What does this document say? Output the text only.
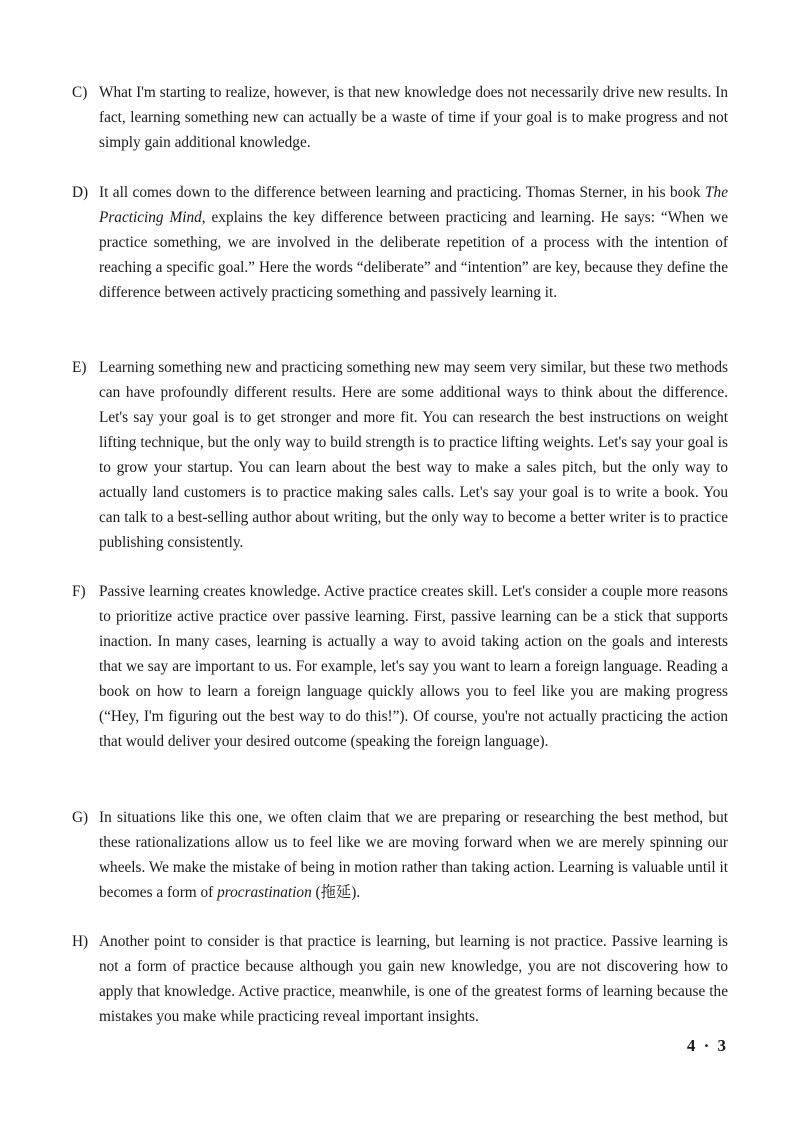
C) What I'm starting to realize, however, is that new knowledge does not necessarily drive new results. In fact, learning something new can actually be a waste of time if your goal is to make progress and not simply gain additional knowledge.
D) It all comes down to the difference between learning and practicing. Thomas Sterner, in his book The Practicing Mind, explains the key difference between practicing and learning. He says: “When we practice something, we are involved in the deliberate repetition of a process with the intention of reaching a specific goal.” Here the words “deliberate” and “intention” are key, because they define the difference between actively practicing something and passively learning it.
E) Learning something new and practicing something new may seem very similar, but these two methods can have profoundly different results. Here are some additional ways to think about the difference. Let's say your goal is to get stronger and more fit. You can research the best instructions on weight lifting technique, but the only way to build strength is to practice lifting weights. Let's say your goal is to grow your startup. You can learn about the best way to make a sales pitch, but the only way to actually land customers is to practice making sales calls. Let's say your goal is to write a book. You can talk to a best-selling author about writing, but the only way to become a better writer is to practice publishing consistently.
F) Passive learning creates knowledge. Active practice creates skill. Let's consider a couple more reasons to prioritize active practice over passive learning. First, passive learning can be a stick that supports inaction. In many cases, learning is actually a way to avoid taking action on the goals and interests that we say are important to us. For example, let's say you want to learn a foreign language. Reading a book on how to learn a foreign language quickly allows you to feel like you are making progress (“Hey, I'm figuring out the best way to do this!”). Of course, you're not actually practicing the action that would deliver your desired outcome (speaking the foreign language).
G) In situations like this one, we often claim that we are preparing or researching the best method, but these rationalizations allow us to feel like we are moving forward when we are merely spinning our wheels. We make the mistake of being in motion rather than taking action. Learning is valuable until it becomes a form of procrastination (拖延).
H) Another point to consider is that practice is learning, but learning is not practice. Passive learning is not a form of practice because although you gain new knowledge, you are not discovering how to apply that knowledge. Active practice, meanwhile, is one of the greatest forms of learning because the mistakes you make while practicing reveal important insights.
4 · 3
